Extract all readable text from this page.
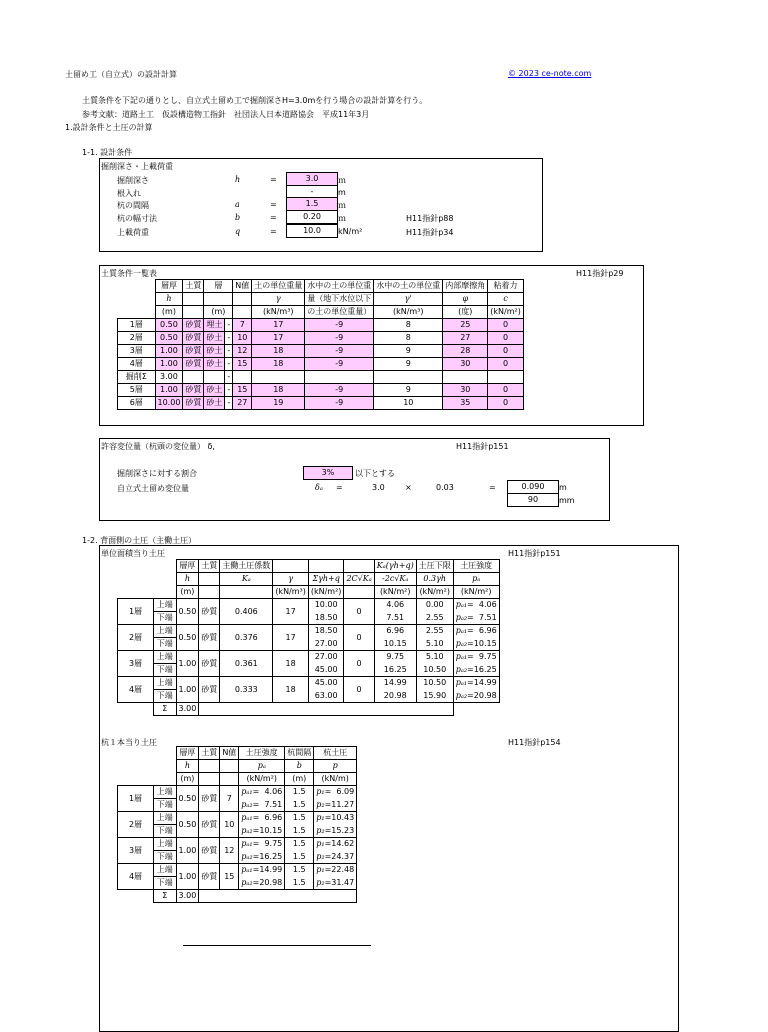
土留め工（自立式）の設計計算	© 2023 ce-note.com
土質条件を下記の通りとし、自立式土留め工で掘削深さH=3.0mを行う場合の設計計算を行う。
参考文献：道路土工　仮設構造物工指針　社団法人日本道路協会　平成11年3月
1.設計条件と土圧の計算
1-1. 設計条件
掘削深さ・上載荷重
掘削深さ	h	=	3.0	ｍ
根入れ	-	m
杭の間隔	a	=	1.5	ｍ
杭の幅寸法	b	=	0.20	ｍ	H11指針p88
上載荷重	q	=	10.0	kN/m²	H11指針p34
土質条件一覧表	H11指針p29
	層厚	土質	層		N値	土の単位重量	水中の土の単位重	水中の土の単位重	内部摩擦角	粘着力
	h					γ	量（地下水位以下	γ'	φ	c
	(m)		(m)			(kN/m³)	の土の単位重量）	(kN/m³)	(度)	(kN/m²)
1層	0.50	砂質	埋土	-	7	17	-9	8	25	0
2層	0.50	砂質	砂土	-	10	17	-9	8	27	0
3層	1.00	砂質	砂土	-	12	18	-9	9	28	0
4層	1.00	砂質	砂土	-	15	18	-9	9	30	0
掘削Σ	3.00			-						
5層	1.00	砂質	砂土	-	15	18	-9	9	30	0
6層	10.00	砂質	砂土	-	27	19	-9	10	35	0
許容変位量（杭頭の変位量） δ,	H11指針p151
掘削深さに対する割合	3%	以下とする
自立式土留め変位量	δₐ =	3.0	×	0.03	=	0.090	m
90	mm
1-2. 背面側の土圧（主働土圧）
単位面積当り土圧	H11指針p151
		層厚	土質	主働土圧係数				Kₐ(γh+q)	土圧下限	土圧強度
		h		Kₐ	γ	Σγh+q	2C√Kₐ	-2c√Kₐ	0.3γh	pₐ
		(m)			(kN/m³)	(kN/m²)		(kN/m²)	(kN/m²)	(kN/m²)
1層	上端	0.50	砂質	0.406	17	10.00	0	4.06	0.00	pₐ₁= 4.06

	下端					18.50		7.51	2.55	pₐ₂= 7.51

2層	上端	0.50	砂質	0.376	17	18.50	0	6.96	2.55	pₐ₁= 6.96

	下端					27.00		10.15	5.10	pₐ₂= 10.15

3層	上端	1.00	砂質	0.361	18	27.00	0	9.75	5.10	pₐ₁= 9.75

	下端					45.00		16.25	10.50	pₐ₂= 16.25

4層	上端	1.00	砂質	0.333	18	45.00	0	14.99	10.50	pₐ₁= 14.99

	下端					63.00		20.98	15.90	pₐ₂= 20.98

	Σ	3.00								
杭１本当り土圧	H11指針p154
		層厚	土質	N値	土圧強度	杭間隔	杭土圧
		h			pₐ	b	p
		(m)			(kN/m²)	(m)	(kN/m)
1層	上端	0.50	砂質	7	pₐ₁= 4.06	1.5	p₁= 6.09

	下端				pₐ₂= 7.51	1.5	p₂= 11.27

2層	上端	0.50	砂質	10	pₐ₁= 6.96	1.5	p₁= 10.43

	下端				pₐ₂= 10.15	1.5	p₂= 15.23

3層	上端	1.00	砂質	12	pₐ₁= 9.75	1.5	p₁= 14.62

	下端				pₐ₂= 16.25	1.5	p₂= 24.37

4層	上端	1.00	砂質	15	pₐ₁= 14.99	1.5	p₁= 22.48

	下端				pₐ₂= 20.98	1.5	p₂= 31.47

	Σ	3.00					
